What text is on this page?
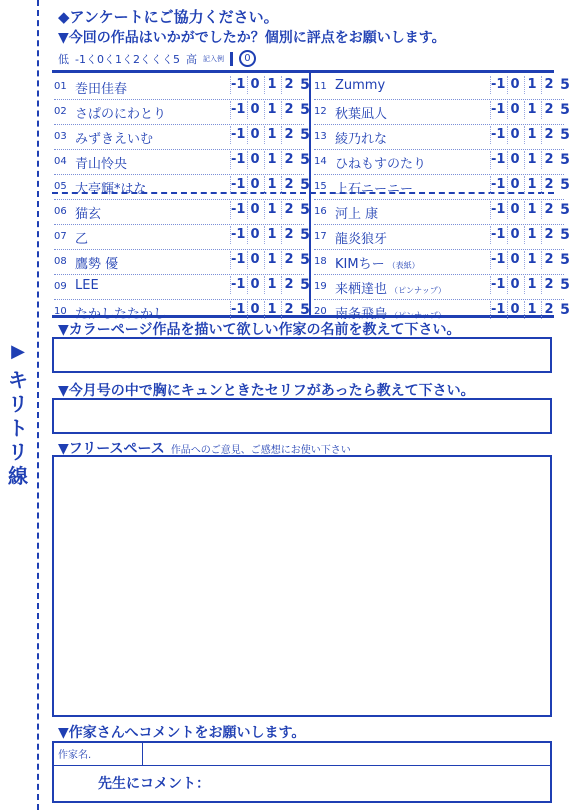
▶
キ
リ
ト
リ
線
◆アンケートにご協力ください。
▼今回の作品はいかがでしたか？個別に評点をお願いします。
低 -1く0く1く2くくく5 高 記入例	0
01 巻田佳春	-1 0 1 2 5
02 さぱのにわとり	-1 0 1 2 5
03 みずきえいむ	-1 0 1 2 5
04 青山怜央	-1 0 1 2 5
05 大亭輝*はな	-1 0 1 2 5
06 猫玄	-1 0 1 2 5
07 乙	-1 0 1 2 5
08 鷹勢 優	-1 0 1 2 5
09 LEE	-1 0 1 2 5
10 たかしたたかし	-1 0 1 2 5
11 Zummy	-1 0 1 2 5
12 秋葉凪人	-1 0 1 2 5
13 綾乃れな	-1 0 1 2 5
14 ひねもすのたり	-1 0 1 2 5
15 上石ニーニー	-1 0 1 2 5
16 河上 康	-1 0 1 2 5
17 龍炎狼牙	-1 0 1 2 5
18 KIMちー （表紙）	-1 0 1 2 5
19 来栖達也 （ピンナップ）	-1 0 1 2 5
20 南条飛鳥 （ピンナップ）	-1 0 1 2 5
▼カラーページ作品を描いて欲しい作家の名前を教えて下さい。
▼今月号の中で胸にキュンときたセリフがあったら教えて下さい。
▼フリースペース 作品へのご意見、ご感想にお使い下さい
▼作家さんへコメントをお願いします。
作家名.
先生にコメント：
